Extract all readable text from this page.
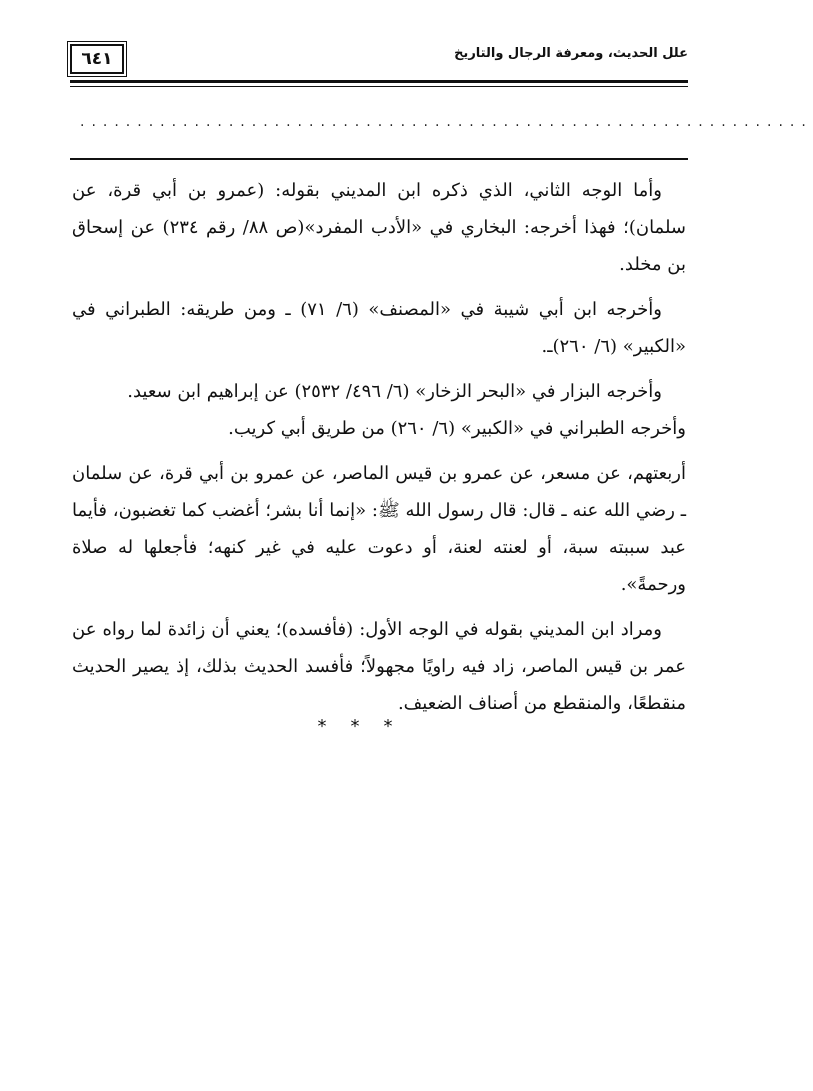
٦٤١	علل الحديث، ومعرفة الرجال والتاريخ
................................................................

وأما الوجه الثاني، الذي ذكره ابن المديني بقوله: (عمرو بن أبي قرة، عن سلمان)؛ فهذا أخرجه: البخاري في «الأدب المفرد»(ص ٨٨/ رقم ٢٣٤) عن إسحاق بن مخلد.

وأخرجه ابن أبي شيبة في «المصنف» (٦/ ٧١) ـ ومن طريقه: الطبراني في «الكبير» (٦/ ٢٦٠)ـ.

وأخرجه البزار في «البحر الزخار» (٦/ ٤٩٦/ ٢٥٣٢) عن إبراهيم ابن سعيد.

وأخرجه الطبراني في «الكبير» (٦/ ٢٦٠) من طريق أبي كريب.

أربعتهم، عن مسعر، عن عمرو بن قيس الماصر، عن عمرو بن أبي قرة، عن سلمان ـ رضي الله عنه ـ قال: قال رسول الله ﷺ: «إنما أنا بشر؛ أغضب كما تغضبون، فأيما عبد سببته سبة، أو لعنته لعنة، أو دعوت عليه في غير كنهه؛ فأجعلها له صلاة ورحمةً».

ومراد ابن المديني بقوله في الوجه الأول: (فأفسده)؛ يعني أن زائدة لما رواه عن عمر بن قيس الماصر، زاد فيه راويًا مجهولاً؛ فأفسد الحديث بذلك، إذ يصير الحديث منقطعًا، والمنقطع من أصناف الضعيف.

***
